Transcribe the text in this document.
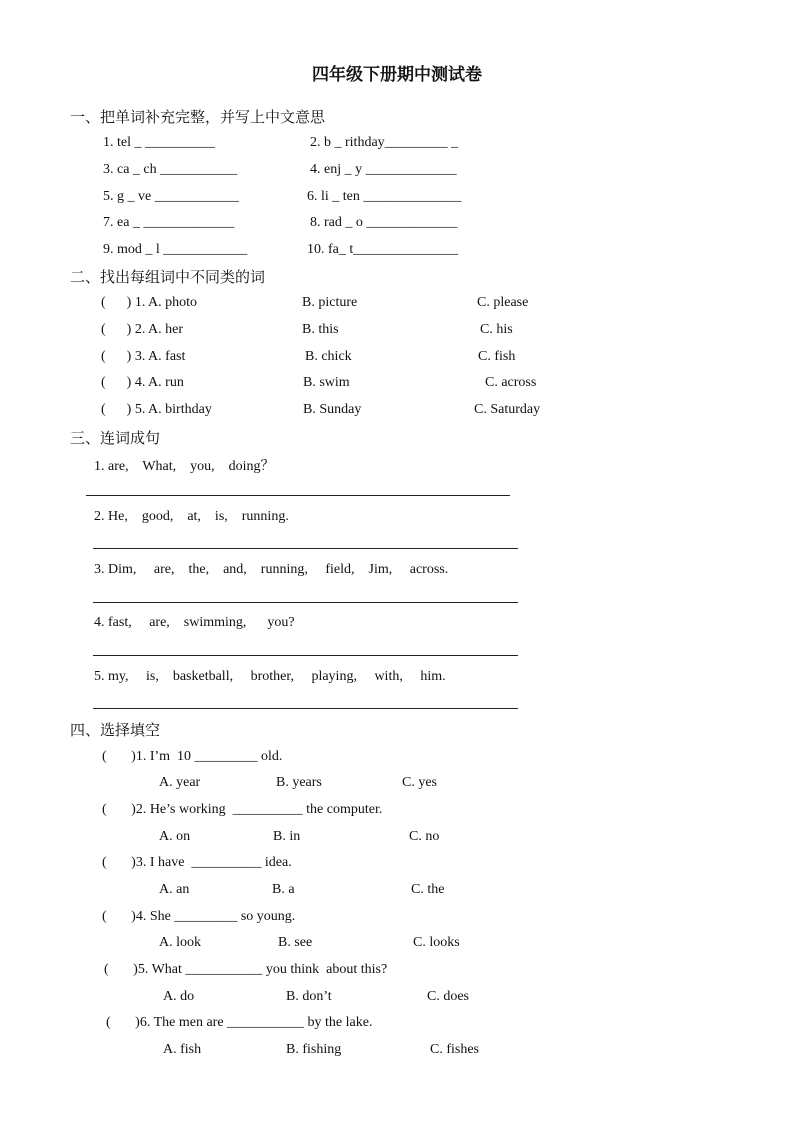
四年级下册期中测试卷
一、把单词补充完整，并写上中文意思
1. tel _ __________	2. b _ rithday_________ _
3. ca _ ch ___________	4. enj _ y _____________
5. g _ ve ____________	6. li _ ten ______________
7. ea _ _____________	8. rad _ o _____________
9. mod _ l ____________	10. fa_ t_______________
二、找出每组词中不同类的词
(      ) 1. A. photo	B. picture	C. please
(      ) 2. A. her	B. this	C. his
(      ) 3. A. fast	B. chick	C. fish
(      ) 4. A. run	B. swim	C. across
(      ) 5. A. birthday	B. Sunday	C. Saturday
三、连词成句
1. are,    What,    you,    doing？
2. He,    good,    at,    is,    running.
3. Dim,     are,    the,    and,    running,     field,    Jim,     across.
4. fast,     are,    swimming,      you?
5. my,     is,    basketball,     brother,     playing,     with,     him.
四、选择填空
(       )1. I’m  10 _________ old.
A. year	B. years	C. yes
(       )2. He’s working  __________ the computer.
A. on	B. in	C. no
(       )3. I have  __________ idea.
A. an	B. a	C. the
(       )4. She _________ so young.
A. look	B. see	C. looks
(       )5. What ___________ you think  about this?
A. do	B. don’t	C. does
(       )6. The men are ___________ by the lake.
A. fish	B. fishing	C. fishes
